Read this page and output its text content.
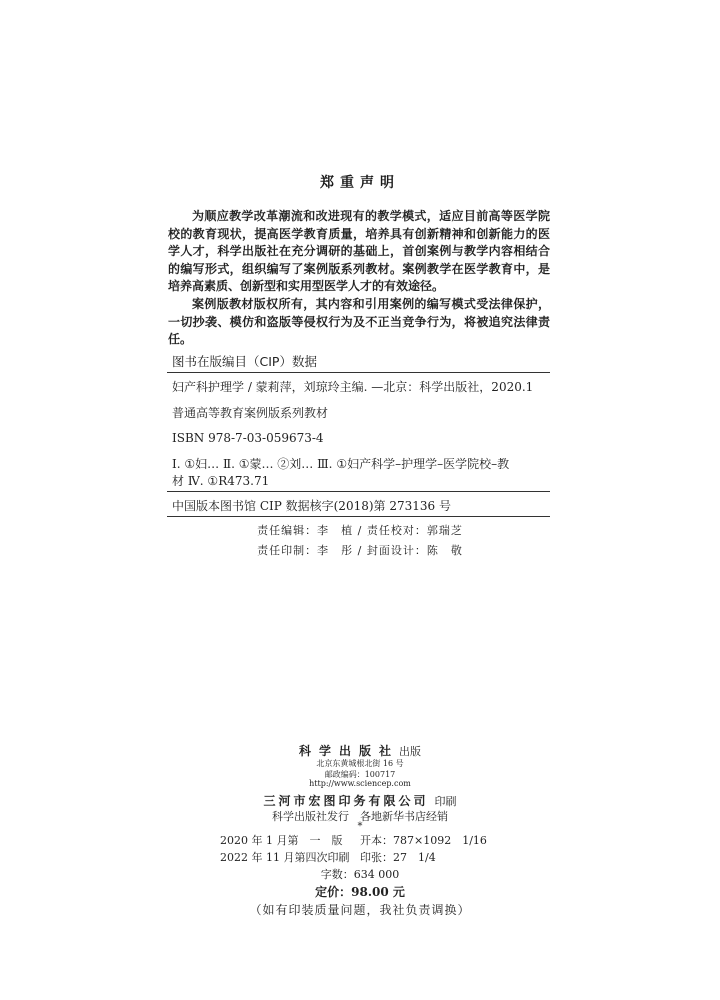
郑重声明
为顺应教学改革潮流和改进现有的教学模式，适应目前高等医学院校的教育现状，提高医学教育质量，培养具有创新精神和创新能力的医学人才，科学出版社在充分调研的基础上，首创案例与教学内容相结合的编写形式，组织编写了案例版系列教材。案例教学在医学教育中，是培养高素质、创新型和实用型医学人才的有效途径。
案例版教材版权所有，其内容和引用案例的编写模式受法律保护，一切抄袭、模仿和盗版等侵权行为及不正当竞争行为，将被追究法律责任。
图书在版编目（CIP）数据
妇产科护理学 / 蒙莉萍，刘琼玲主编. —北京：科学出版社，2020.1
普通高等教育案例版系列教材
ISBN 978-7-03-059673-4
Ⅰ. ①妇… Ⅱ. ①蒙… ②刘… Ⅲ. ①妇产科学–护理学–医学院校–教
材 Ⅳ. ①R473.71
中国版本图书馆 CIP 数据核字(2018)第 273136 号
责任编辑：李　植 / 责任校对：郭瑞芝
责任印制：李　彤 / 封面设计：陈　敬
科学出版社出版
北京东黄城根北街 16 号
邮政编码：100717
http://www.sciencep.com
三河市宏图印务有限公司 印刷
科学出版社发行　各地新华书店经销
*
2020 年 1 月第　一　版 开本：787×1092　1/16
2022 年 11 月第四次印刷 印张：27　1/4
字数：634 000
定价：98.00 元
（如有印装质量问题，我社负责调换）
